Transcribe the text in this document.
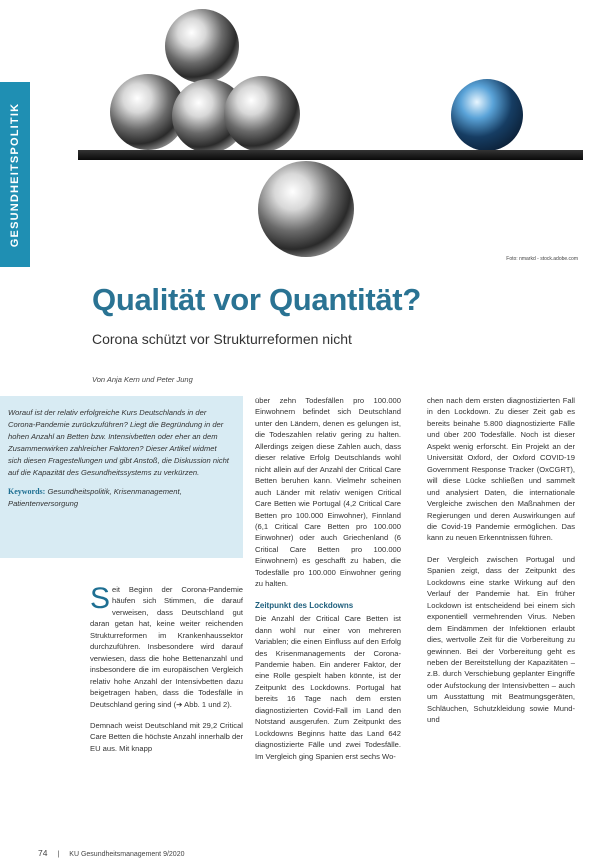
GESUNDHEITSPOLITIK
Foto: nmarkd - stock.adobe.com
Qualität vor Quantität?
Corona schützt vor Strukturreformen nicht
Von Anja Kern und Peter Jung

Worauf ist der relativ erfolgreiche Kurs Deutschlands in der Corona-Pandemie zurückzuführen? Liegt die Begründung in der hohen Anzahl an Betten bzw. Intensivbetten oder eher an dem Zusammenwirken zahlreicher Faktoren? Dieser Artikel widmet sich diesen Fragestellungen und gibt Anstoß, die Diskussion nicht auf die Kapazität des Gesundheitssystems zu verkürzen.

Keywords: Gesundheitspolitik, Krisenmanagement, Patientenversorgung

Seit Beginn der Corona-Pandemie häufen sich Stimmen, die darauf verweisen, dass Deutschland gut daran getan hat, keine weiter reichenden Strukturreformen im Krankenhaussektor durchzuführen. Insbesondere wird darauf verwiesen, dass die hohe Bettenanzahl und insbesondere die im europäischen Vergleich relativ hohe Anzahl der Intensivbetten dazu beigetragen haben, dass die Todesfälle in Deutschland gering sind (➔ Abb. 1 und 2).

Demnach weist Deutschland mit 29,2 Critical Care Betten die höchste Anzahl innerhalb der EU aus. Mit knapp

über zehn Todesfällen pro 100.000 Einwohnern befindet sich Deutschland unter den Ländern, denen es gelungen ist, die Todeszahlen relativ gering zu halten. Allerdings zeigen diese Zahlen auch, dass dieser relative Erfolg Deutschlands wohl nicht allein auf der Anzahl der Critical Care Betten beruhen kann. Vielmehr scheinen auch Länder mit relativ wenigen Critical Care Betten wie Portugal (4,2 Critical Care Betten pro 100.000 Einwohner), Finnland (6,1 Critical Care Betten pro 100.000 Einwohner) oder auch Griechenland (6 Critical Care Betten pro 100.000 Einwohnern) es geschafft zu haben, die Todesfälle pro 100.000 Einwohner gering zu halten.

Zeitpunkt des Lockdowns

Die Anzahl der Critical Care Betten ist dann wohl nur einer von mehreren Variablen; die einen Einfluss auf den Erfolg des Krisenmanagements der Corona-Pandemie haben. Ein anderer Faktor, der eine Rolle gespielt haben könnte, ist der Zeitpunkt des Lockdowns. Portugal hat bereits 16 Tage nach dem ersten diagnostizierten Covid-Fall im Land den Notstand ausgerufen. Zum Zeitpunkt des Lockdowns Beginns hatte das Land 642 diagnostizierte Fälle und zwei Todesfälle. Im Vergleich ging Spanien erst sechs Wo-

chen nach dem ersten diagnostizierten Fall in den Lockdown. Zu dieser Zeit gab es bereits beinahe 5.800 diagnostizierte Fälle und über 200 Todesfälle. Noch ist dieser Aspekt wenig erforscht. Ein Projekt an der Universität Oxford, der Oxford COVID-19 Government Response Tracker (OxCGRT), will diese Lücke schließen und sammelt und analysiert Daten, die internationale Vergleiche zwischen den Maßnahmen der Regierungen und deren Auswirkungen auf die Covid-19 Pandemie ermöglichen. Das kann zu neuen Erkenntnissen führen.

Der Vergleich zwischen Portugal und Spanien zeigt, dass der Zeitpunkt des Lockdowns eine starke Wirkung auf den Verlauf der Pandemie hat. Ein früher Lockdown ist entscheidend bei einem sich exponentiell vermehrenden Virus. Neben dem Eindämmen der Infektionen erlaubt dies, wertvolle Zeit für die Vorbereitung zu gewinnen. Bei der Vorbereitung geht es neben der Bereitstellung der Kapazitäten – z.B. durch Verschiebung geplanter Eingriffe oder Aufstockung der Intensivbetten – auch um Ausstattung mit Beatmungsgeräten, Schläuchen, Schutzkleidung sowie Mund- und

74 | KU Gesundheitsmanagement 9/2020
